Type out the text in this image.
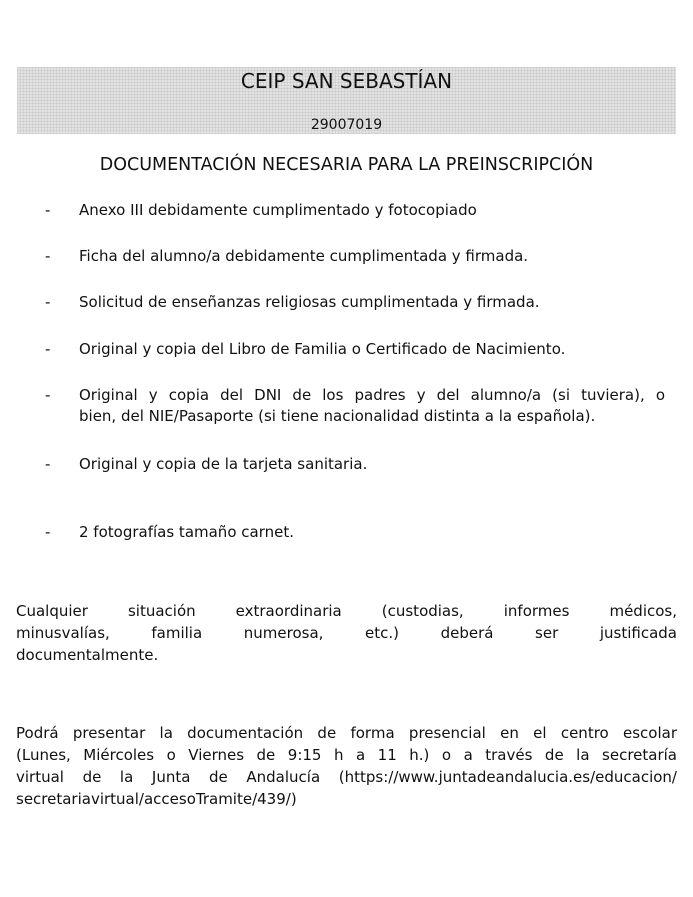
CEIP SAN SEBASTÍAN
29007019
DOCUMENTACIÓN NECESARIA PARA LA PREINSCRIPCIÓN
- Anexo III debidamente cumplimentado y fotocopiado
- Ficha del alumno/a debidamente cumplimentada y firmada.
- Solicitud de enseñanzas religiosas cumplimentada y firmada.
- Original y copia del Libro de Familia o Certificado de Nacimiento.
- Original y copia del DNI de los padres y del alumno/a (si tuviera), o
bien, del NIE/Pasaporte (si tiene nacionalidad distinta a la española).
- Original y copia de la tarjeta sanitaria.
- 2 fotografías tamaño carnet.
Cualquier situación extraordinaria (custodias, informes médicos,
minusvalías, familia numerosa, etc.) deberá ser justificada
documentalmente.
Podrá presentar la documentación de forma presencial en el centro escolar
(Lunes, Miércoles o Viernes de 9:15 h a 11 h.) o a través de la secretaría
virtual de la Junta de Andalucía (https://www.juntadeandalucia.es/educacion/
secretariavirtual/accesoTramite/439/)
